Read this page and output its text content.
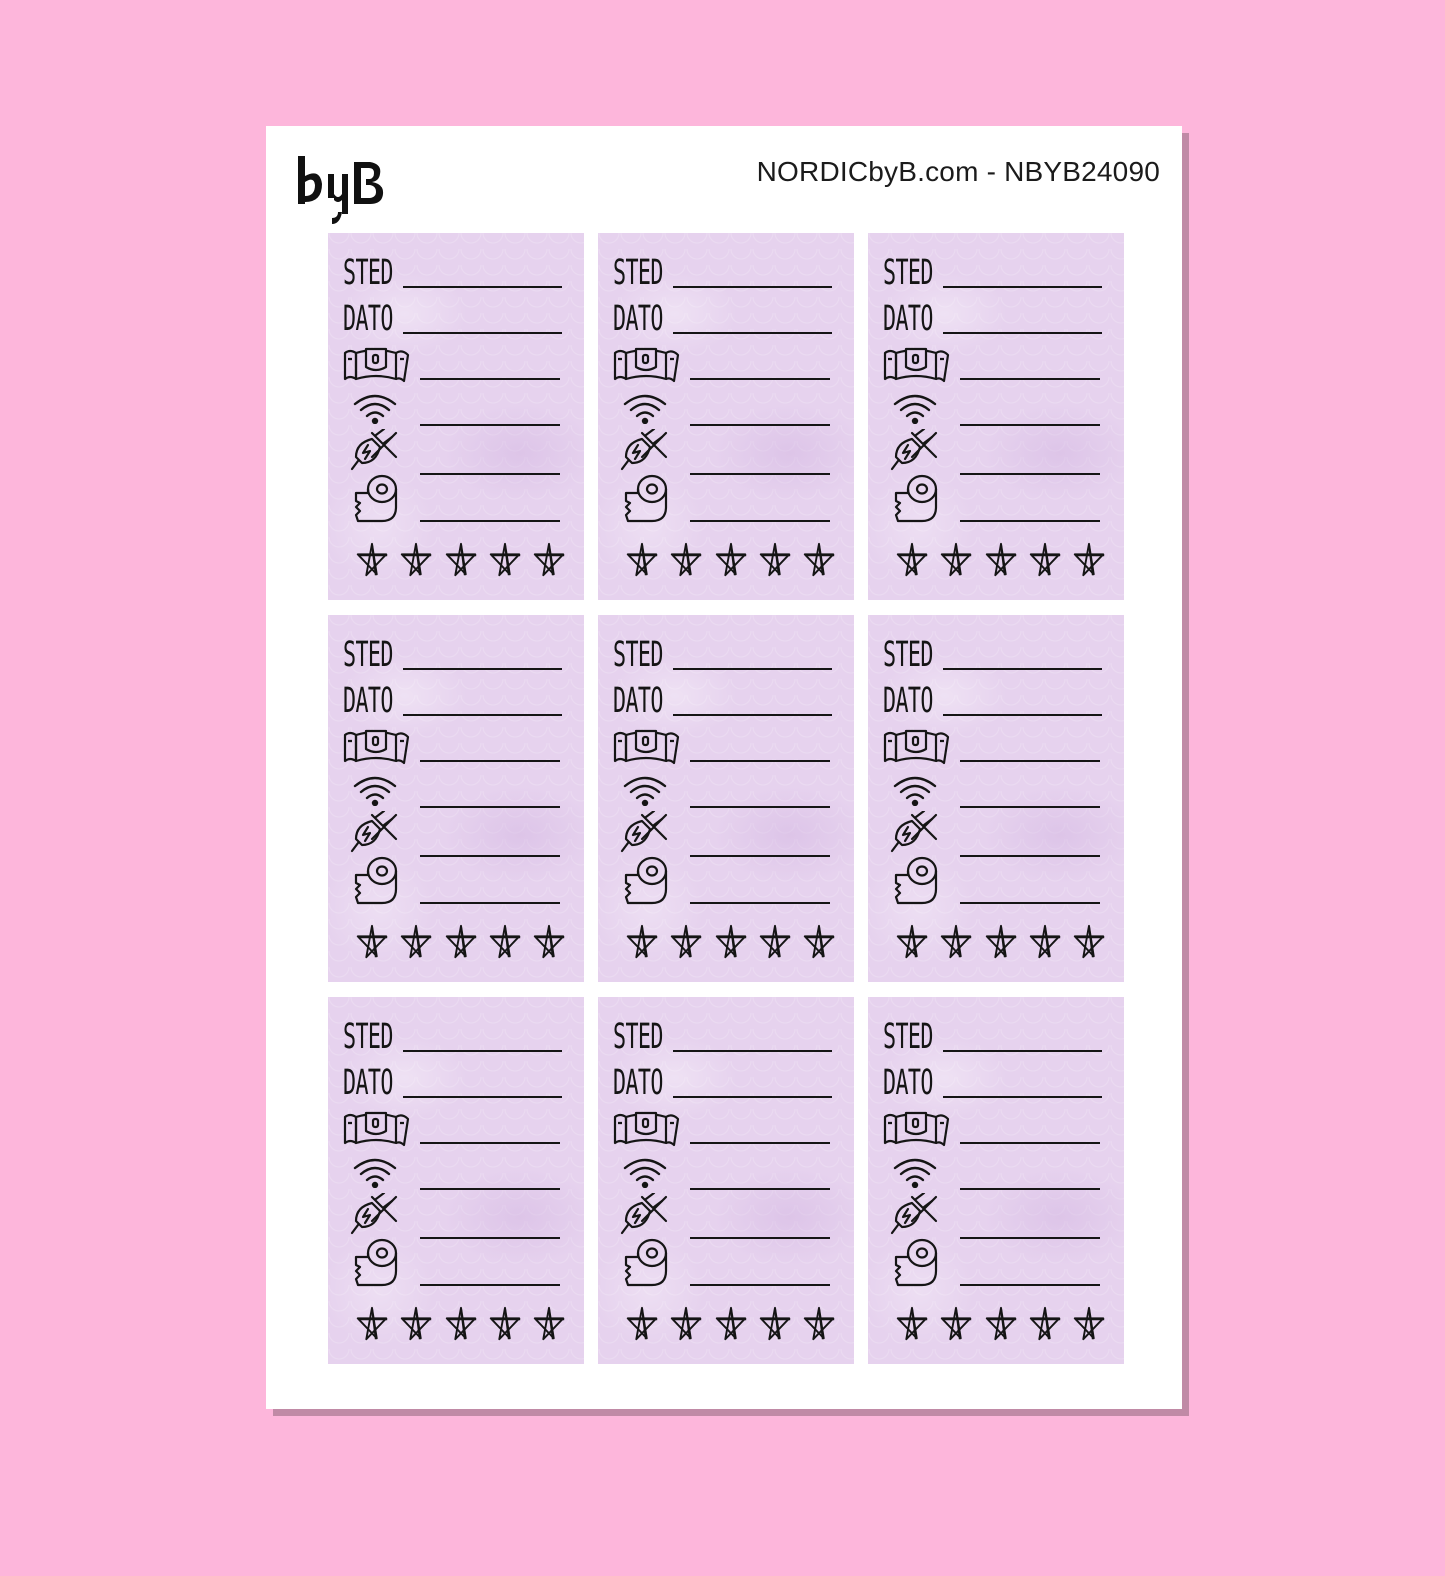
NORDICbyB.com - NBYB24090
STED
DATO
STED
DATO
STED
DATO
STED
DATO
STED
DATO
STED
DATO
STED
DATO
STED
DATO
STED
DATO
